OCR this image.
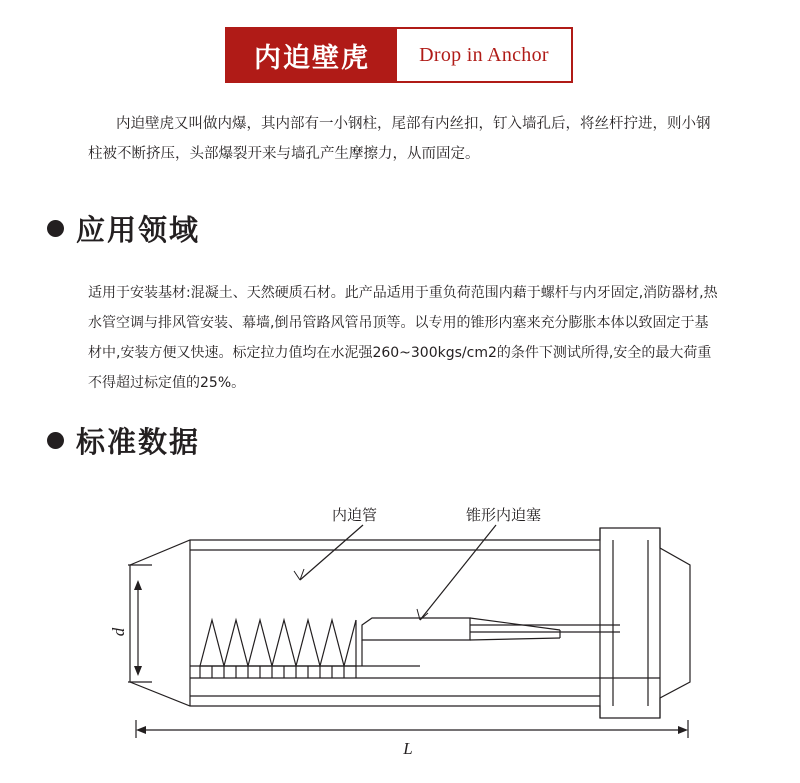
内迫壁虎 Drop in Anchor
内迫壁虎又叫做内爆，其内部有一小钢柱，尾部有内丝扣，钉入墙孔后，将丝杆拧进，则小钢柱被不断挤压，头部爆裂开来与墙孔产生摩擦力，从而固定。
应用领域
适用于安装基材:混凝土、天然硬质石材。此产品适用于重负荷范围内藉于螺杆与内牙固定,消防器材,热水管空调与排风管安装、幕墙,倒吊管路风管吊顶等。以专用的锥形内塞来充分膨胀本体以致固定于基材中,安装方便又快速。标定拉力值均在水泥强260~300kgs/cm2的条件下测试所得,安全的最大荷重不得超过标定值的25%。
标准数据
内迫管	锥形内迫塞
d
L
